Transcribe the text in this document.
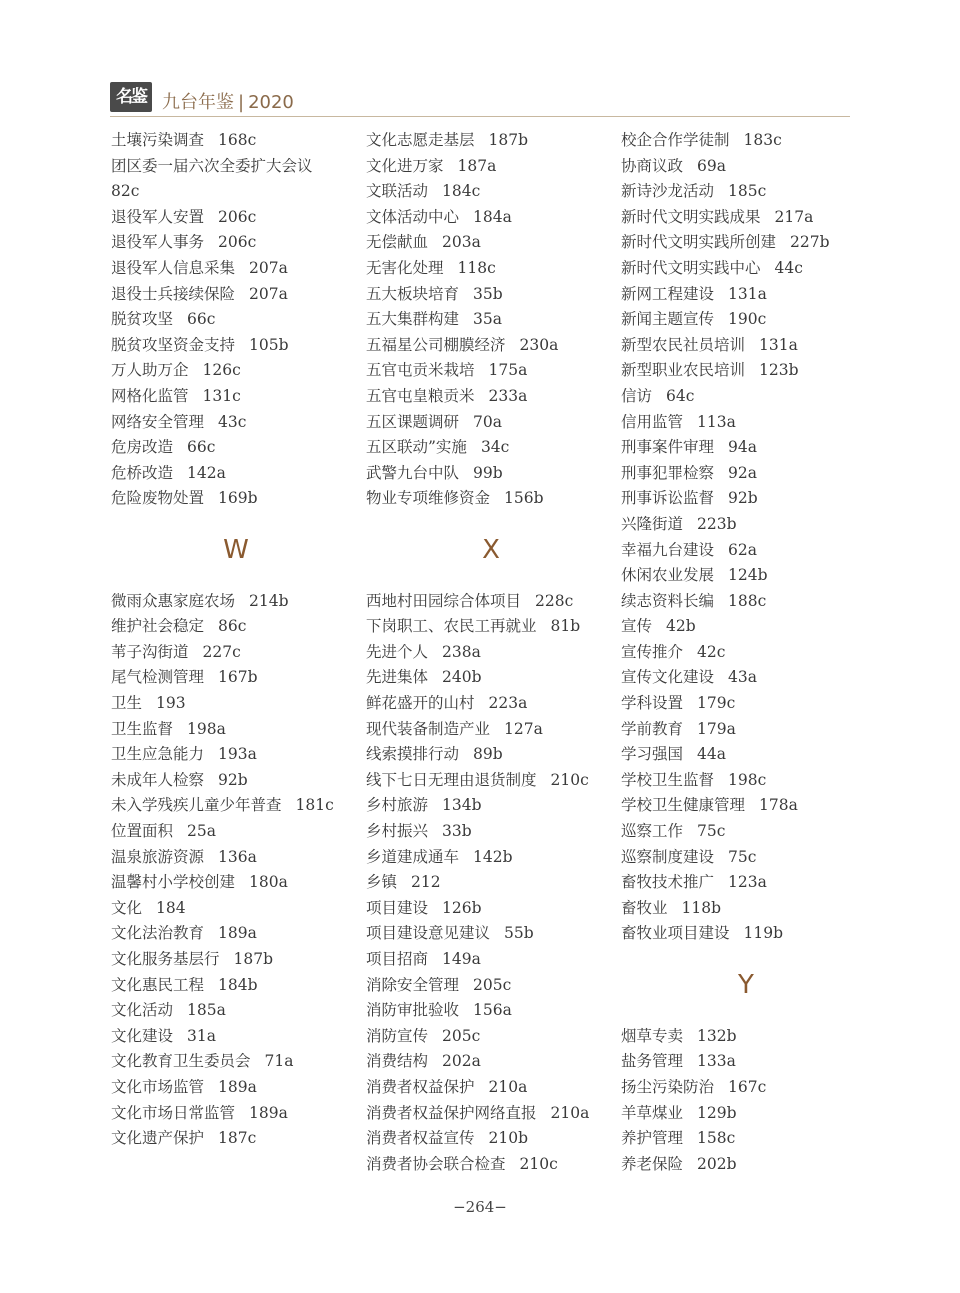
名鉴 九台年鉴 | 2020
土壤污染调查 168c
团区委一届六次全委扩大会议
82c
退役军人安置 206c
退役军人事务 206c
退役军人信息采集 207a
退役士兵接续保险 207a
脱贫攻坚 66c
脱贫攻坚资金支持 105b
万人助万企 126c
网格化监管 131c
网络安全管理 43c
危房改造 66c
危桥改造 142a
危险废物处置 169b
W
微雨众惠家庭农场 214b
维护社会稳定 86c
苇子沟街道 227c
尾气检测管理 167b
卫生 193
卫生监督 198a
卫生应急能力 193a
未成年人检察 92b
未入学残疾儿童少年普查 181c
位置面积 25a
温泉旅游资源 136a
温馨村小学校创建 180a
文化 184
文化法治教育 189a
文化服务基层行 187b
文化惠民工程 184b
文化活动 185a
文化建设 31a
文化教育卫生委员会 71a
文化市场监管 189a
文化市场日常监管 189a
文化遗产保护 187c
文化志愿走基层 187b
文化进万家 187a
文联活动 184c
文体活动中心 184a
无偿献血 203a
无害化处理 118c
五大板块培育 35b
五大集群构建 35a
五福星公司棚膜经济 230a
五官屯贡米栽培 175a
五官屯皇粮贡米 233a
五区课题调研 70a
五区联动”实施 34c
武警九台中队 99b
物业专项维修资金 156b
X
西地村田园综合体项目 228c
下岗职工、农民工再就业 81b
先进个人 238a
先进集体 240b
鲜花盛开的山村 223a
现代装备制造产业 127a
线索摸排行动 89b
线下七日无理由退货制度 210c
乡村旅游 134b
乡村振兴 33b
乡道建成通车 142b
乡镇 212
项目建设 126b
项目建设意见建议 55b
项目招商 149a
消除安全管理 205c
消防审批验收 156a
消防宣传 205c
消费结构 202a
消费者权益保护 210a
消费者权益保护网络直报 210a
消费者权益宣传 210b
消费者协会联合检查 210c
校企合作学徒制 183c
协商议政 69a
新诗沙龙活动 185c
新时代文明实践成果 217a
新时代文明实践所创建 227b
新时代文明实践中心 44c
新网工程建设 131a
新闻主题宣传 190c
新型农民社员培训 131a
新型职业农民培训 123b
信访 64c
信用监管 113a
刑事案件审理 94a
刑事犯罪检察 92a
刑事诉讼监督 92b
兴隆街道 223b
幸福九台建设 62a
休闲农业发展 124b
续志资料长编 188c
宣传 42b
宣传推介 42c
宣传文化建设 43a
学科设置 179c
学前教育 179a
学习强国 44a
学校卫生监督 198c
学校卫生健康管理 178a
巡察工作 75c
巡察制度建设 75c
畜牧技术推广 123a
畜牧业 118b
畜牧业项目建设 119b
Y
烟草专卖 132b
盐务管理 133a
扬尘污染防治 167c
羊草煤业 129b
养护管理 158c
养老保险 202b
−264−
